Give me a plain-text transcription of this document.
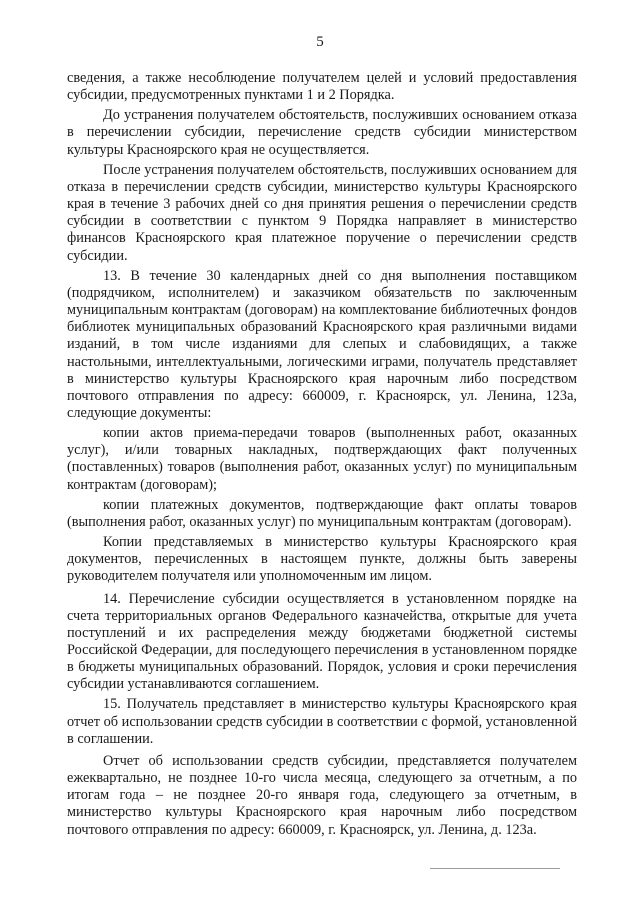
5

сведения, а также несоблюдение получателем целей и условий предоставления субсидии, предусмотренных пунктами 1 и 2 Порядка.

До устранения получателем обстоятельств, послуживших основанием отказа в перечислении субсидии, перечисление средств субсидии министерством культуры Красноярского края не осуществляется.

После устранения получателем обстоятельств, послуживших основанием для отказа в перечислении средств субсидии, министерство культуры Красноярского края в течение 3 рабочих дней со дня принятия решения о перечислении средств субсидии в соответствии с пунктом 9 Порядка направляет в министерство финансов Красноярского края платежное поручение о перечислении средств субсидии.

13. В течение 30 календарных дней со дня выполнения поставщиком (подрядчиком, исполнителем) и заказчиком обязательств по заключенным муниципальным контрактам (договорам) на комплектование библиотечных фондов библиотек муниципальных образований Красноярского края различными видами изданий, в том числе изданиями для слепых и слабовидящих, а также настольными, интеллектуальными, логическими играми, получатель представляет в министерство культуры Красноярского края нарочным либо посредством почтового отправления по адресу: 660009, г. Красноярск, ул. Ленина, 123а, следующие документы:

копии актов приема-передачи товаров (выполненных работ, оказанных услуг), и/или товарных накладных, подтверждающих факт полученных (поставленных) товаров (выполнения работ, оказанных услуг) по муниципальным контрактам (договорам);

копии платежных документов, подтверждающие факт оплаты товаров (выполнения работ, оказанных услуг) по муниципальным контрактам (договорам).

Копии представляемых в министерство культуры Красноярского края документов, перечисленных в настоящем пункте, должны быть заверены руководителем получателя или уполномоченным им лицом.

14. Перечисление субсидии осуществляется в установленном порядке на счета территориальных органов Федерального казначейства, открытые для учета поступлений и их распределения между бюджетами бюджетной системы Российской Федерации, для последующего перечисления в установленном порядке в бюджеты муниципальных образований. Порядок, условия и сроки перечисления субсидии устанавливаются соглашением.

15. Получатель представляет в министерство культуры Красноярского края отчет об использовании средств субсидии в соответствии с формой, установленной в соглашении.

Отчет об использовании средств субсидии, представляется получателем ежеквартально, не позднее 10-го числа месяца, следующего за отчетным, а по итогам года – не позднее 20-го января года, следующего за отчетным, в министерство культуры Красноярского края нарочным либо посредством почтового отправления по адресу: 660009, г. Красноярск, ул. Ленина, д. 123а.
